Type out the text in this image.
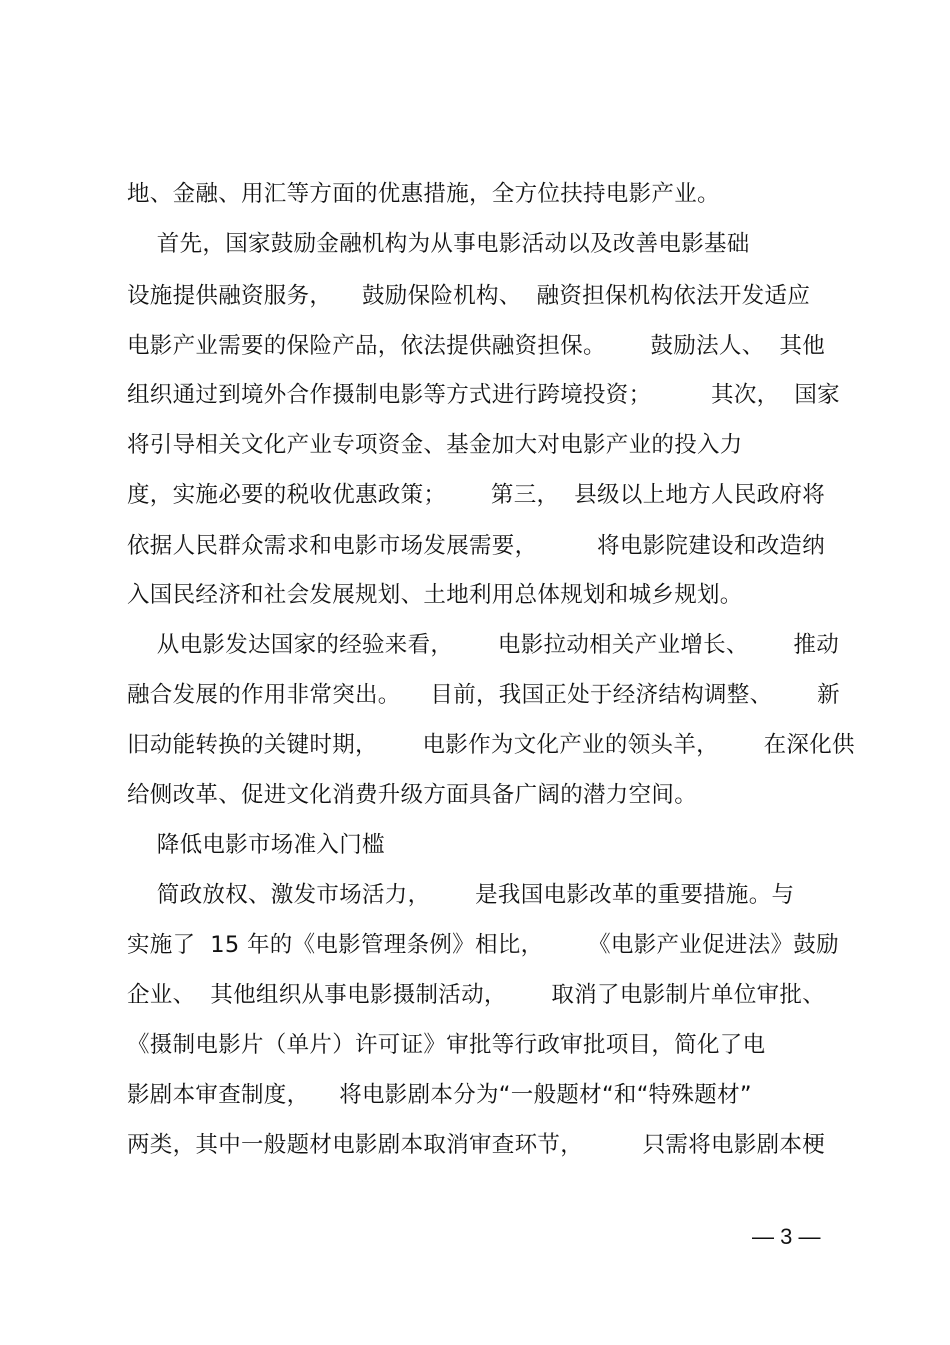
地、金融、用汇等方面的优惠措施，全方位扶持电影产业。
首先，国家鼓励金融机构为从事电影活动以及改善电影基础
设施提供融资服务，    鼓励保险机构、  融资担保机构依法开发适应
电影产业需要的保险产品，依法提供融资担保。      鼓励法人、  其他
组织通过到境外合作摄制电影等方式进行跨境投资；        其次，  国家
将引导相关文化产业专项资金、基金加大对电影产业的投入力
度，实施必要的税收优惠政策；      第三，  县级以上地方人民政府将
依据人民群众需求和电影市场发展需要，        将电影院建设和改造纳
入国民经济和社会发展规划、土地利用总体规划和城乡规划。
从电影发达国家的经验来看，      电影拉动相关产业增长、      推动
融合发展的作用非常突出。    目前，我国正处于经济结构调整、      新
旧动能转换的关键时期，      电影作为文化产业的领头羊，      在深化供
给侧改革、促进文化消费升级方面具备广阔的潜力空间。
降低电影市场准入门槛
简政放权、激发市场活力，      是我国电影改革的重要措施。与
实施了  15 年的《电影管理条例》相比，      《电影产业促进法》鼓励
企业、  其他组织从事电影摄制活动，      取消了电影制片单位审批、
《摄制电影片（单片）许可证》审批等行政审批项目，简化了电
影剧本审查制度，    将电影剧本分为“一般题材“和“特殊题材”
两类，其中一般题材电影剧本取消审查环节，        只需将电影剧本梗
— 3 —
